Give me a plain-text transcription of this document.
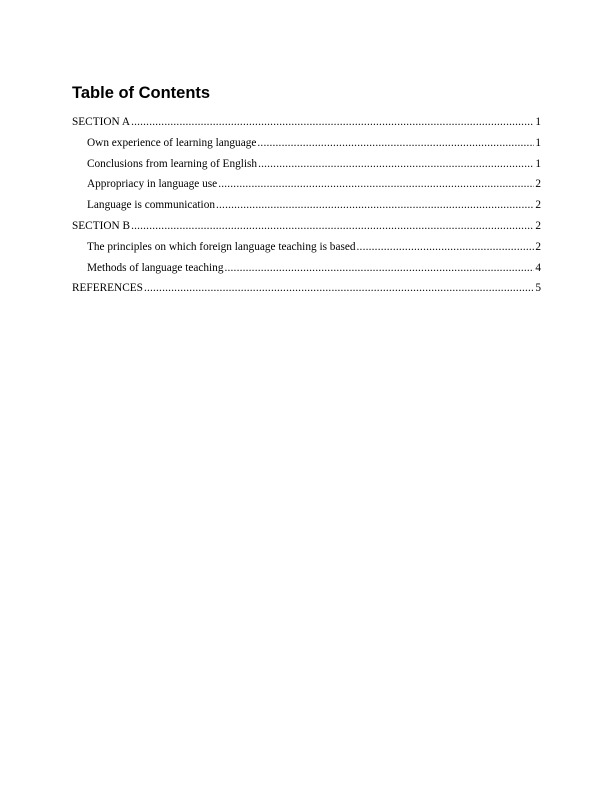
Table of Contents
SECTION A .....	1
Own experience of learning language .....	1
Conclusions from learning of English .....	1
Appropriacy in language use .....	2
Language is communication .....	2
SECTION B .....	2
The principles on which foreign language teaching is based .....	2
Methods of language teaching .....	4
REFERENCES .....	5
